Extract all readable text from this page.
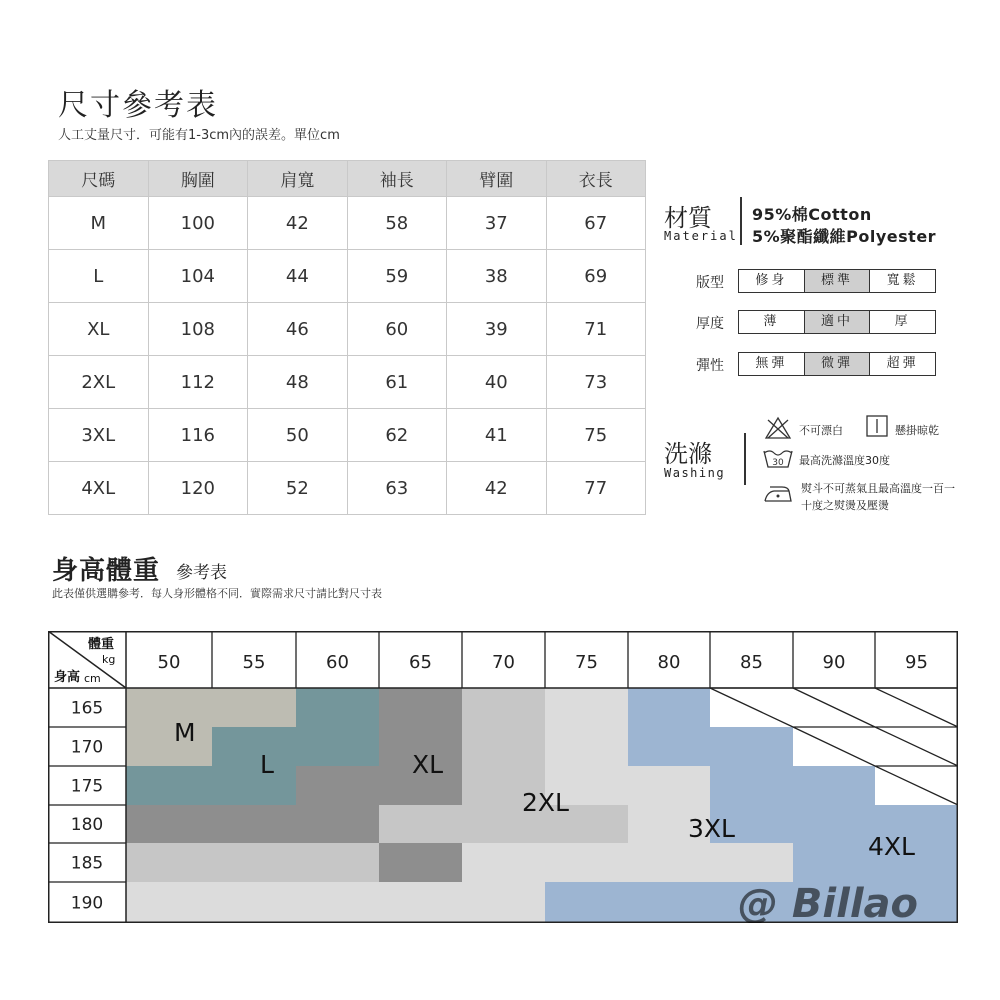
尺寸參考表
人工丈量尺寸．可能有1-3cm內的誤差。單位cm
尺碼	胸圍	肩寬	袖長	臂圍	衣長
M	100	42	58	37	67
L	104	44	59	38	69
XL	108	46	60	39	71
2XL	112	48	61	40	73
3XL	116	50	62	41	75
4XL	120	52	63	42	77
材質
Material
95%棉Cotton
5%聚酯纖維Polyester
版型	修身	標準	寬鬆
厚度	薄	適中	厚
彈性	無彈	微彈	超彈
洗滌
Washing
不可漂白	懸掛晾乾
30 最高洗滌溫度30度
熨斗不可蒸氣且最高溫度一百一
十度之熨燙及壓燙
身高體重 參考表
此表僅供選購參考．每人身形體格不同．實際需求尺寸請比對尺寸表
體重
kg
身高 cm
50	55	60	65	70	75	80	85	90	95
165
170
175
180
185
190
M
L	XL
2XL
3XL
4XL
@ Billao
